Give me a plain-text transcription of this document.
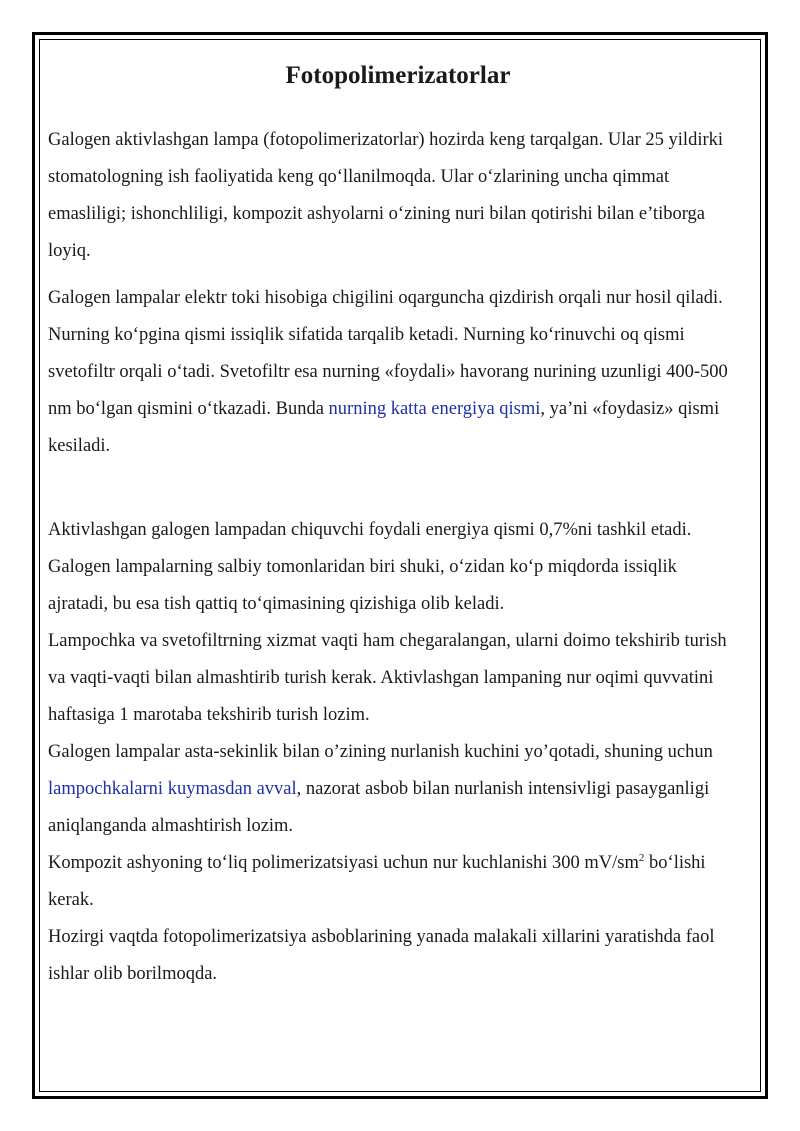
Fotopolimerizatorlar

Galogen aktivlashgan lampa (fotopolimerizatorlar) hozirda keng tarqalgan. Ular 25 yildirki stomatologning ish faoliyatida keng qo‘llanilmoqda. Ular o‘zlarining uncha qimmat emasliligi; ishonchliligi, kompozit ashyolarni o‘zining nuri bilan qotirishi bilan e’tiborga loyiq.

Galogen lampalar elektr toki hisobiga chigilini oqarguncha qizdirish orqali nur hosil qiladi. Nurning ko‘pgina qismi issiqlik sifatida tarqalib ketadi. Nurning ko‘rinuvchi oq qismi svetofiltr orqali o‘tadi. Svetofiltr esa nurning «foydali» havorang nurining uzunligi 400-500 nm bo‘lgan qismini o‘tkazadi. Bunda nurning katta energiya qismi, ya’ni «foydasiz» qismi kesiladi.

Aktivlashgan galogen lampadan chiquvchi foydali energiya qismi 0,7%ni tashkil etadi. Galogen lampalarning salbiy tomonlaridan biri shuki, o‘zidan ko‘p miqdorda issiqlik ajratadi, bu esa tish qattiq to‘qimasining qizishiga olib keladi.

Lampochka va svetofiltrning xizmat vaqti ham chegaralangan, ularni doimo tekshirib turish va vaqti-vaqti bilan almashtirib turish kerak. Aktivlashgan lampaning nur oqimi quvvatini haftasiga 1 marotaba tekshirib turish lozim.

Galogen lampalar asta-sekinlik bilan o’zining nurlanish kuchini yo’qotadi, shuning uchun lampochkalarni kuymasdan avval, nazorat asbob bilan nurlanish intensivligi pasayganligi aniqlanganda almashtirish lozim.

Kompozit ashyoning to‘liq polimerizatsiyasi uchun nur kuchlanishi 300 $mV/sm^2$ bo‘lishi kerak.

Hozirgi vaqtda fotopolimerizatsiya asboblarining yanada malakali xillarini yaratishda faol ishlar olib borilmoqda.
